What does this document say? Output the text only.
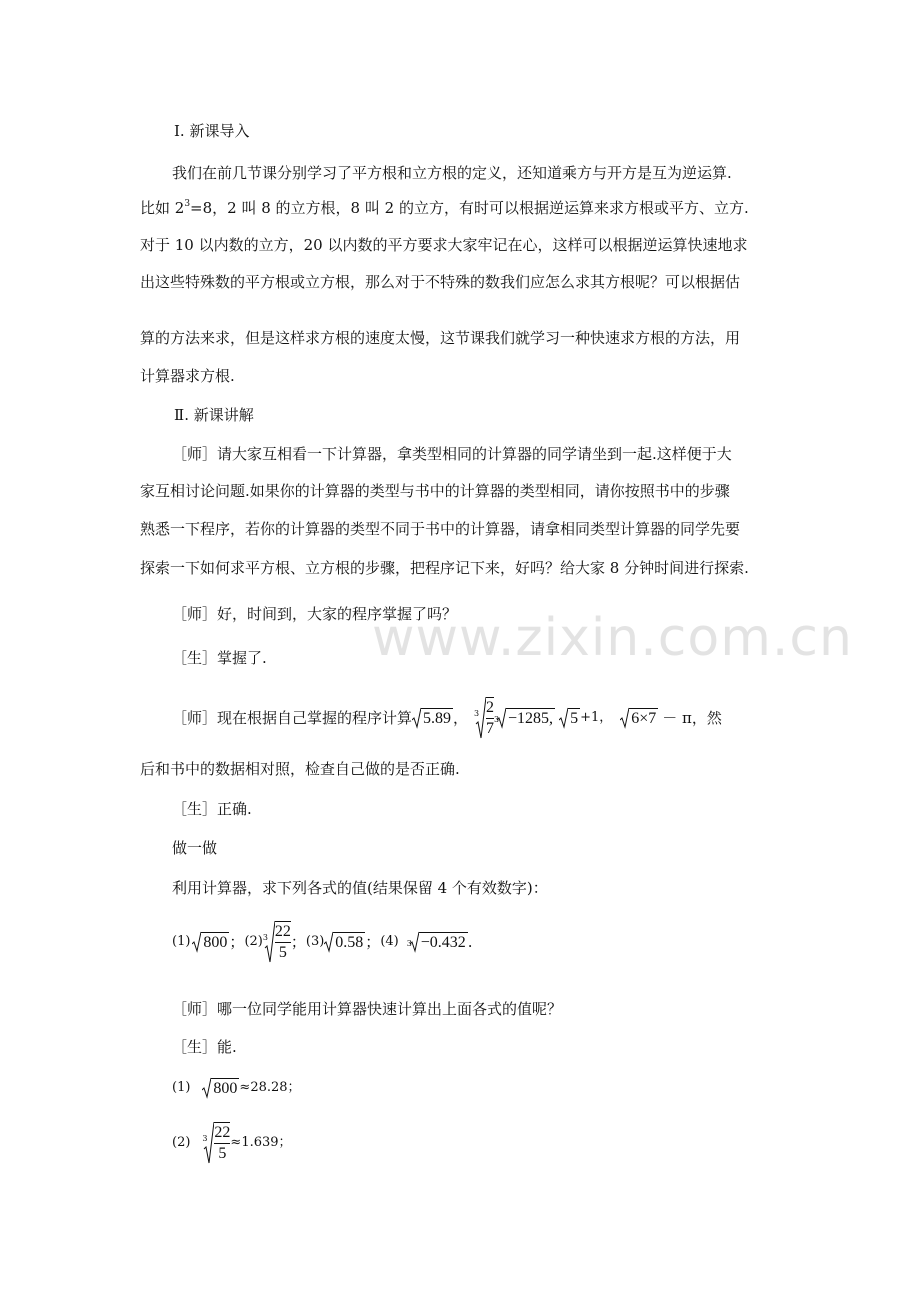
www.zixin.com.cn
Ⅰ. 新课导入
我们在前几节课分别学习了平方根和立方根的定义，还知道乘方与开方是互为逆运算.
比如 $2^3=8$，2 叫 8 的立方根，8 叫 2 的立方，有时可以根据逆运算来求方根或平方、立方.
对于 10 以内数的立方，20 以内数的平方要求大家牢记在心，这样可以根据逆运算快速地求
出这些特殊数的平方根或立方根，那么对于不特殊的数我们应怎么求其方根呢？可以根据估
算的方法来求，但是这样求方根的速度太慢，这节课我们就学习一种快速求方根的方法，用
计算器求方根.
Ⅱ. 新课讲解
［师］请大家互相看一下计算器，拿类型相同的计算器的同学请坐到一起.这样便于大
家互相讨论问题.如果你的计算器的类型与书中的计算器的类型相同，请你按照书中的步骤
熟悉一下程序，若你的计算器的类型不同于书中的计算器，请拿相同类型计算器的同学先要
探索一下如何求平方根、立方根的步骤，把程序记下来，好吗？给大家 8 分钟时间进行探索.
［师］好，时间到，大家的程序掌握了吗？
［生］掌握了.
［师］现在根据自己掌握的程序计算 5.89 ， $3 \frac{2}{7} 3 -1285$, 5 +1， 6×7 － π，然
后和书中的数据相对照，检查自己做的是否正确.
［生］正确.
做一做
利用计算器，求下列各式的值(结果保留 4 个有效数字)：
(1) 800 ； (2) $3 \frac{22}{5}$ ； (3) 0.58 ； (4) 3 −0.432 .
［师］哪一位同学能用计算器快速计算出上面各式的值呢？
［生］能.
(1) 800 ≈28.28；
(2) $3 \frac{22}{5} \approx 1.639$；
